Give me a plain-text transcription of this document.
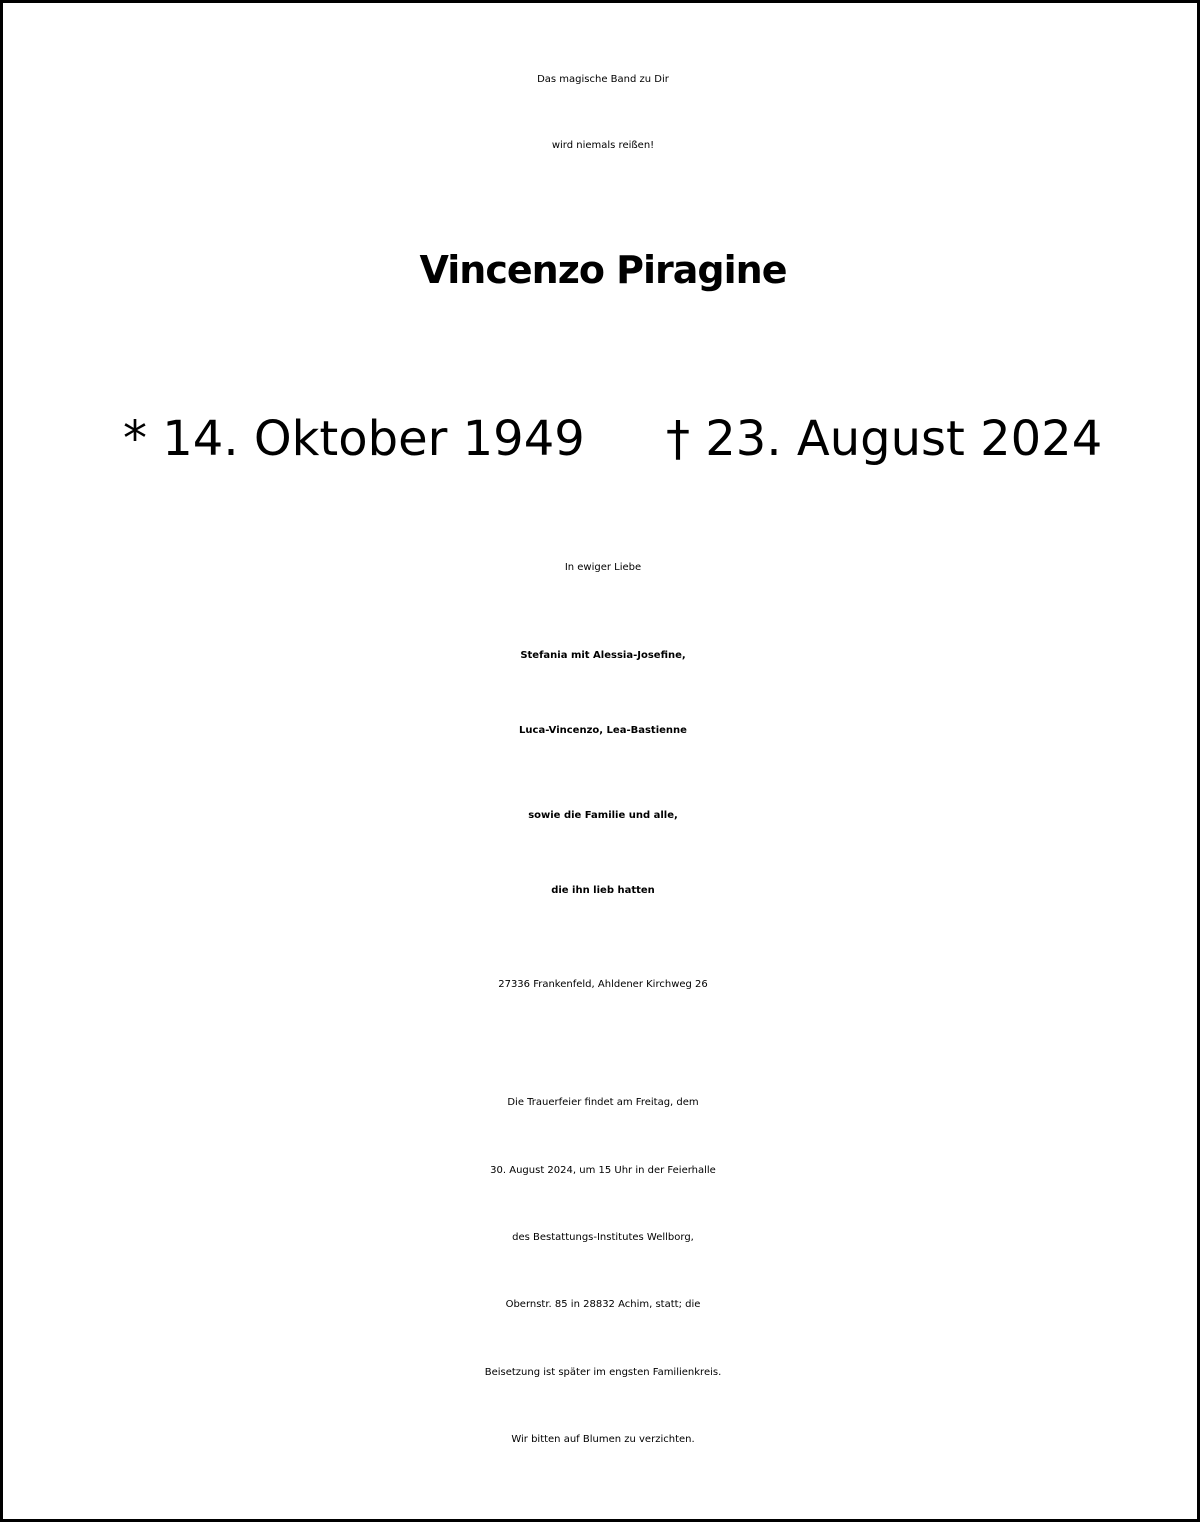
Das magische Band zu Dir
wird niemals reißen!
Vincenzo Piragine
* 14. Oktober 1949 † 23. August 2024
In ewiger Liebe
Stefania mit Alessia-Josefine,
Luca-Vincenzo, Lea-Bastienne
sowie die Familie und alle,
die ihn lieb hatten
27336 Frankenfeld, Ahldener Kirchweg 26
Die Trauerfeier findet am Freitag, dem
30. August 2024, um 15 Uhr in der Feierhalle
des Bestattungs-Institutes Wellborg,
Obernstr. 85 in 28832 Achim, statt; die
Beisetzung ist später im engsten Familienkreis.
Wir bitten auf Blumen zu verzichten.
